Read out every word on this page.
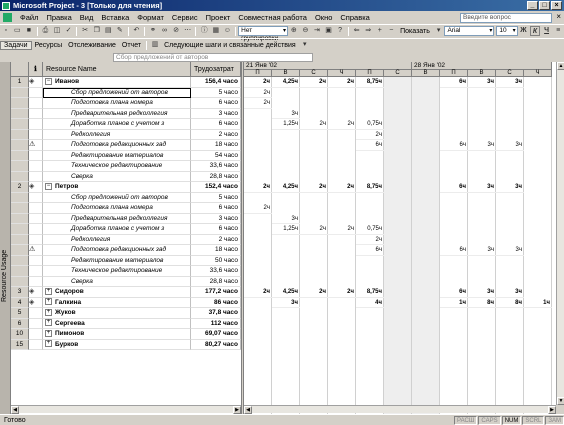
Microsoft Project - 3 [Только для чтения]	_	□	×
Файл	Правка	Вид	Вставка	Формат	Сервис	Проект	Совместная работа	Окно	Справка	Введите вопрос	×
▫	▭ ■	⎙ ◫ ✓ ✂ ❐ ▤ ✎ ↶ ⚭ ∞ ⊘ ⋯ ⓘ ▦ ☺	Нет группировки ▾
⊕ ⊖ ⇥ ▣ ?	⇐ ⇒ +	− Показать	▾	Arial ▾	10 ▾	Ж К Ч	≡
Задачи	Ресурсы Отслеживание Отчет	▥ Следующие шаги и связанные действия	▾
Сбор предложений от авторов
Resource Usage
ℹ	Resource Name	Трудозатрат
1	◈	− Иванов	156,4 часо
Сбор предложений от авторов	5 часо
Подготовка плана номера	6 часо
Предварительная редколлегия	3 часо
Доработка планов с учетом з	6 часо
Редколлегия	2 часо
⚠	Подготовка редакционных зад	18 часо
Редактирование материалов	54 часо
Техническое редактирование	33,6 часо
Сверка	28,8 часо
2	◈	− Петров	152,4 часо
Сбор предложений от авторов	5 часо
Подготовка плана номера	6 часо
Предварительная редколлегия	3 часо
Доработка планов с учетом з	6 часо
Редколлегия	2 часо
⚠	Подготовка редакционных зад	18 часо
Редактирование материалов	50 часо
Техническое редактирование	33,6 часо
Сверка	28,8 часо
3	◈	+ Сидоров	177,2 часо
4	◈	+ Галкина	86 часо
5	+ Жуков	37,8 часо
6	+ Сергеева	112 часо
10	+ Пимонов	69,07 часо
15	+ Бурков	80,27 часо
21 Янв '02	28 Янв '02
П	В	С	Ч	П	С	В	П	В	С	Ч
2ч	4,25ч	2ч	2ч	8,75ч	6ч	3ч	3ч
2ч
2ч
3ч
1,25ч	2ч	2ч	0,75ч
2ч
6ч	6ч	3ч	3ч
2ч	4,25ч	2ч	2ч	8,75ч	6ч	3ч	3ч
2ч
3ч
1,25ч	2ч	2ч	0,75ч
2ч
6ч	6ч	3ч	3ч
2ч	4,25ч	2ч	2ч	8,75ч	6ч	3ч	3ч
3ч	4ч	1ч	8ч	8ч	1ч
▲
▼
◀	▶	◀	▶
Готово	РАСШ	CAPS	NUM	SCRL	ЗАМ
